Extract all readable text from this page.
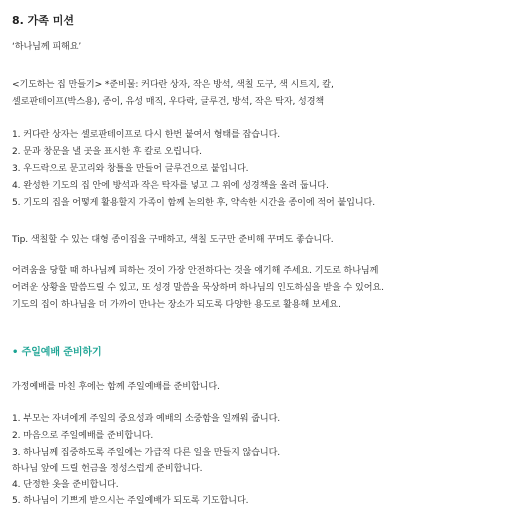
8. 가족 미션
‘하나님께 피해요’
<기도하는 집 만들기> *준비물: 커다란 상자, 작은 방석, 색칠 도구, 색 시트지, 칼,
셀로판테이프(박스용), 종이, 유성 매직, 우다락, 글루건, 방석, 작은 탁자, 성경책
1. 커다란 상자는 셀로판테이프로 다시 한번 붙여서 형태를 잡습니다.
2. 문과 창문을 낼 곳을 표시한 후 칼로 오립니다.
3. 우드락으로 문고리와 창틀을 만들어 글루건으로 붙입니다.
4. 완성한 기도의 집 안에 방석과 작은 탁자를 넣고 그 위에 성경책을 올려 둡니다.
5. 기도의 집을 어떻게 활용할지 가족이 함께 논의한 후, 약속한 시간을 종이에 적어 붙입니다.
Tip. 색칠할 수 있는 대형 종이집을 구매하고, 색칠 도구만 준비해 꾸며도 좋습니다.
어려움을 당할 때 하나님께 피하는 것이 가장 안전하다는 것을 얘기해 주세요. 기도로 하나님께
어려운 상황을 말씀드릴 수 있고, 또 성경 말씀을 묵상하며 하나님의 인도하심을 받을 수 있어요.
기도의 집이 하나님을 더 가까이 만나는 장소가 되도록 다양한 용도로 활용해 보세요.
• 주일예배 준비하기
가정예배를 마친 후에는 함께 주일예배를 준비합니다.
1. 부모는 자녀에게 주일의 중요성과 예배의 소중함을 일깨워 줍니다.
2. 마음으로 주일예배를 준비합니다.
3. 하나님께 집중하도록 주일에는 가급적 다른 일을 만들지 않습니다.
하나님 앞에 드릴 헌금을 정성스럽게 준비합니다.
4. 단정한 옷을 준비합니다.
5. 하나님이 기쁘게 받으시는 주일예배가 되도록 기도합니다.
